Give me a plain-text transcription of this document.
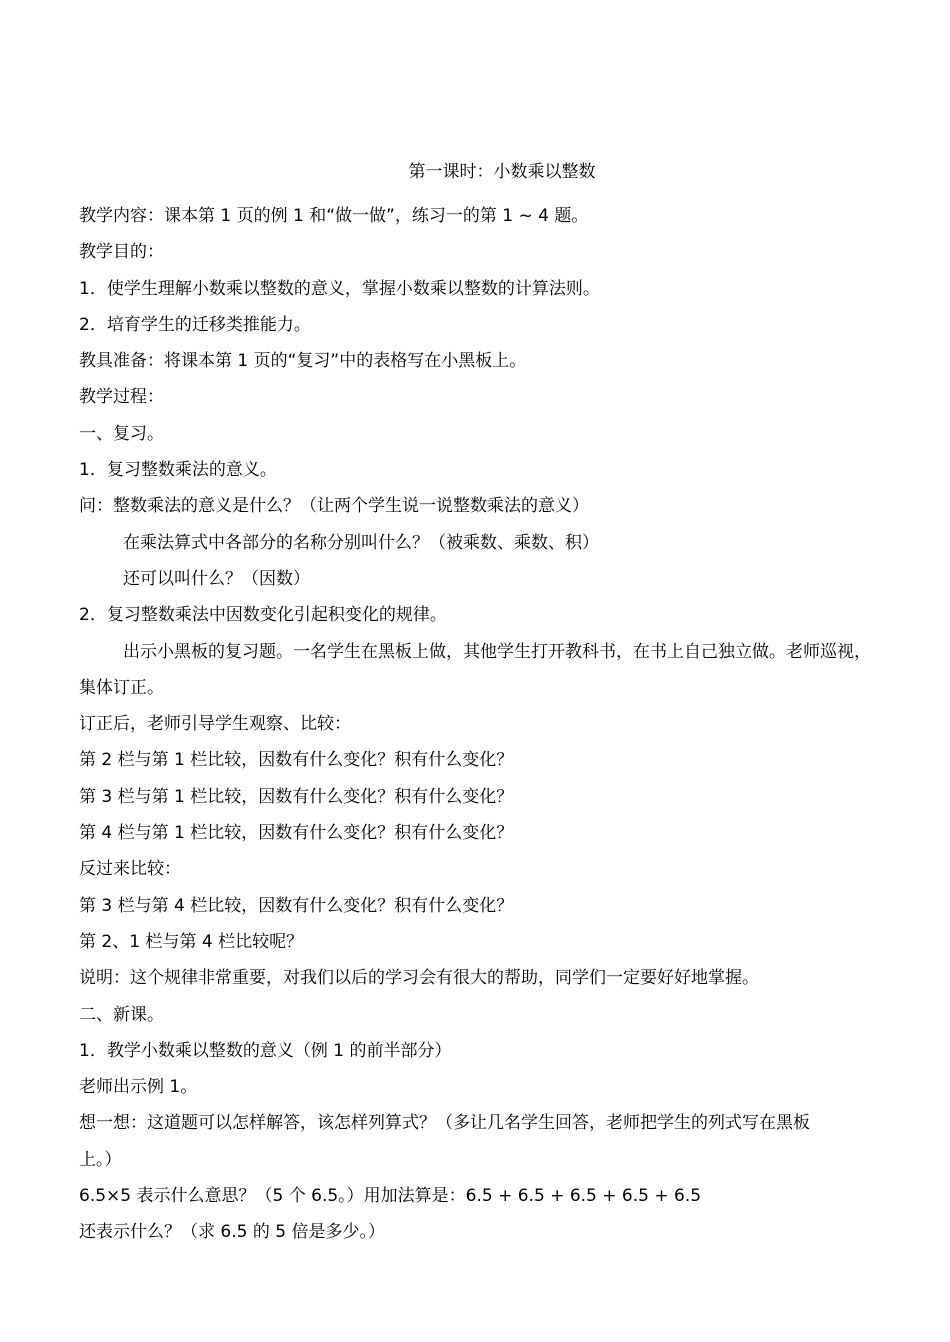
第一课时：小数乘以整数
教学内容：课本第 1 页的例 1 和“做一做”，练习一的第 1 ~ 4 题。
教学目的：
1．使学生理解小数乘以整数的意义，掌握小数乘以整数的计算法则。
2．培育学生的迁移类推能力。
教具准备：将课本第 1 页的“复习”中的表格写在小黑板上。
教学过程：
一、复习。
1．复习整数乘法的意义。
问：整数乘法的意义是什么？（让两个学生说一说整数乘法的意义）
在乘法算式中各部分的名称分别叫什么？（被乘数、乘数、积）
还可以叫什么？（因数）
2．复习整数乘法中因数变化引起积变化的规律。
出示小黑板的复习题。一名学生在黑板上做，其他学生打开教科书，在书上自己独立做。老师巡视，
集体订正。
订正后，老师引导学生观察、比较：
第 2 栏与第 1 栏比较，因数有什么变化？积有什么变化？
第 3 栏与第 1 栏比较，因数有什么变化？积有什么变化？
第 4 栏与第 1 栏比较，因数有什么变化？积有什么变化？
反过来比较：
第 3 栏与第 4 栏比较，因数有什么变化？积有什么变化？
第 2、1 栏与第 4 栏比较呢？
说明：这个规律非常重要，对我们以后的学习会有很大的帮助，同学们一定要好好地掌握。
二、新课。
1．教学小数乘以整数的意义（例 1 的前半部分）
老师出示例 1。
想一想：这道题可以怎样解答，该怎样列算式？（多让几名学生回答，老师把学生的列式写在黑板
上。）
6.5×5 表示什么意思？（5 个 6.5。）用加法算是：6.5 + 6.5 + 6.5 + 6.5 + 6.5
还表示什么？（求 6.5 的 5 倍是多少。）
